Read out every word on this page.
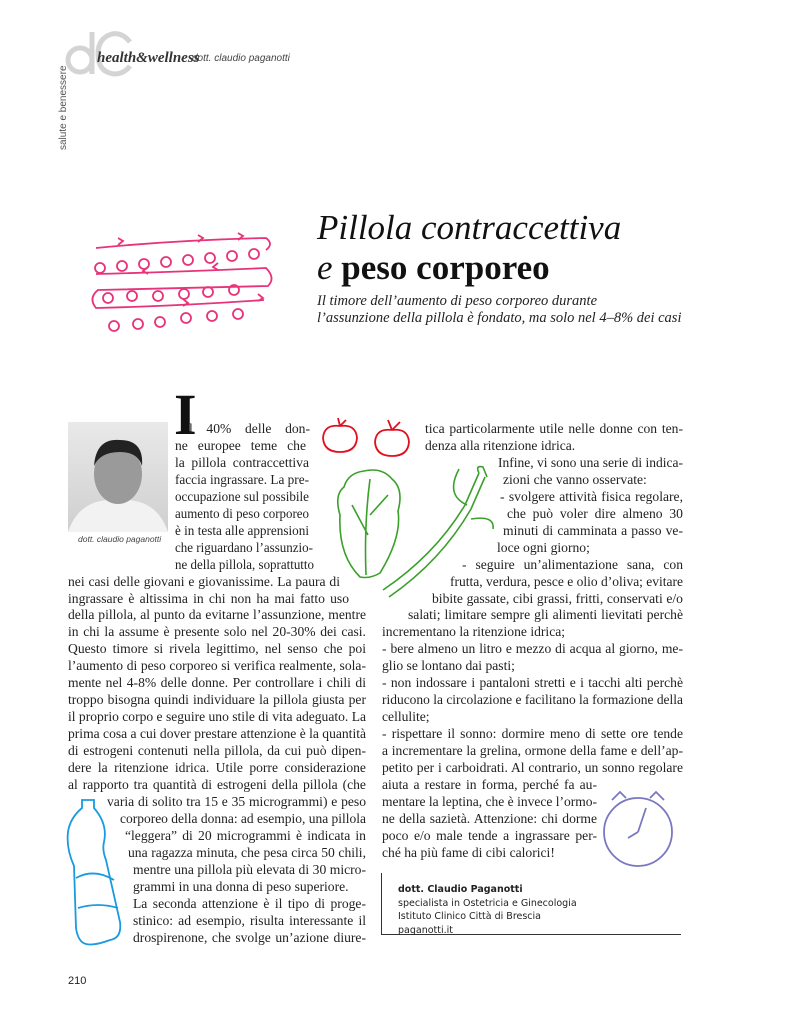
health&wellness
dott. claudio paganotti
salute e benessere
Pillola contraccettiva
e peso corporeo
Il timore dell’aumento di peso corporeo durante
l’assunzione della pillola è fondato, ma solo nel 4–8% dei casi
dott. claudio paganotti
I
l 40% delle don-
ne europee teme che
la pillola contraccettiva
faccia ingrassare. La pre-
occupazione sul possibile
aumento di peso corporeo
è in testa alle apprensioni
che riguardano l’assunzio-
ne della pillola, soprattutto
nei casi delle giovani e giovanissime. La paura di
ingrassare è altissima in chi non ha mai fatto uso
della pillola, al punto da evitarne l’assunzione, mentre
in chi la assume è presente solo nel 20-30% dei casi.
Questo timore si rivela legittimo, nel senso che poi
l’aumento di peso corporeo si verifica realmente, sola-
mente nel 4-8% delle donne. Per controllare i chili di
troppo bisogna quindi individuare la pillola giusta per
il proprio corpo e seguire uno stile di vita adeguato. La
prima cosa a cui dover prestare attenzione è la quantità
di estrogeni contenuti nella pillola, da cui può dipen-
dere la ritenzione idrica. Utile porre considerazione
al rapporto tra quantità di estrogeni della pillola (che
varia di solito tra 15 e 35 microgrammi) e peso
corporeo della donna: ad esempio, una pillola
“leggera” di 20 microgrammi è indicata in
una ragazza minuta, che pesa circa 50 chili,
mentre una pillola più elevata di 30 micro-
grammi in una donna di peso superiore.
La seconda attenzione è il tipo di proge-
stinico: ad esempio, risulta interessante il
drospirenone, che svolge un’azione diure-
tica particolarmente utile nelle donne con ten-
denza alla ritenzione idrica.
Infine, vi sono una serie di indica-
zioni che vanno osservate:
- svolgere attività fisica regolare,
che può voler dire almeno 30
minuti di camminata a passo ve-
loce ogni giorno;
- seguire un’alimentazione sana, con
frutta, verdura, pesce e olio d’oliva; evitare
bibite gassate, cibi grassi, fritti, conservati e/o
salati; limitare sempre gli alimenti lievitati perchè
incrementano la ritenzione idrica;
- bere almeno un litro e mezzo di acqua al giorno, me-
glio se lontano dai pasti;
- non indossare i pantaloni stretti e i tacchi alti perchè
riducono la circolazione e facilitano la formazione della
cellulite;
- rispettare il sonno: dormire meno di sette ore tende
a incrementare la grelina, ormone della fame e dell’ap-
petito per i carboidrati. Al contrario, un sonno regolare
aiuta a restare in forma, perché fa au-
mentare la leptina, che è invece l’ormo-
ne della sazietà. Attenzione: chi dorme
poco e/o male tende a ingrassare per-
ché ha più fame di cibi calorici!
dott. Claudio Paganotti
specialista in Ostetricia e Ginecologia
Istituto Clinico Città di Brescia
paganotti.it
210
